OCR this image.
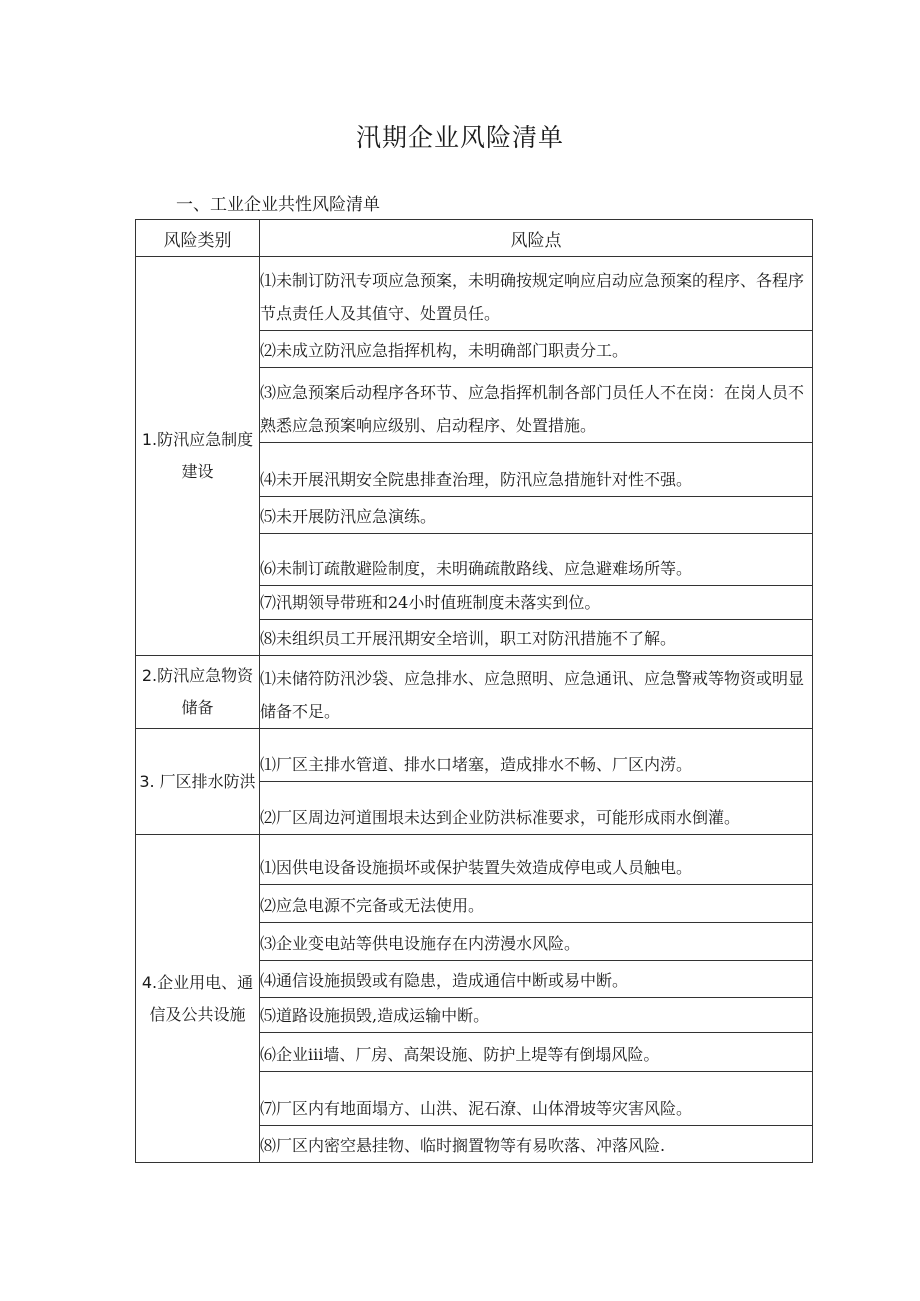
汛期企业风险清单
一、工业企业共性风险清单
风险类别	风险点
1.防汛应急制度建设	⑴未制订防汛专项应急预案，未明确按规定响应启动应急预案的程序、各程序节点责任人及其值守、处置员任。

	⑵未成立防汛应急指挥机构，未明确部门职责分工。

	⑶应急预案后动程序各环节、应急指挥机制各部门员任人不在岗：在岗人员不熟悉应急预案响应级别、启动程序、处置措施。

	⑷未开展汛期安全院患排查治理，防汛应急措施针对性不强。

	⑸未开展防汛应急演练。

	⑹未制订疏散避险制度，未明确疏散路线、应急避难场所等。

	⑺汛期领导带班和24小时值班制度未落实到位。

	⑻未组织员工开展汛期安全培训，职工对防汛措施不了解。

2.防汛应急物资储备	⑴未储符防汛沙袋、应急排水、应急照明、应急通讯、应急警戒等物资或明显储备不足。

3. 厂区排水防洪	⑴厂区主排水管道、排水口堵塞，造成排水不畅、厂区内涝。

	⑵厂区周边河道围垠未达到企业防洪标准要求，可能形成雨水倒灌。

4.企业用电、通信及公共设施	⑴因供电设备设施损坏或保护装置失效造成停电或人员触电。

	⑵应急电源不完备或无法使用。

	⑶企业变电站等供电设施存在内涝漫水风险。

	⑷通信设施损毁或有隐患，造成通信中断或易中断。

	⑸道路设施损毁,造成运输中断。

	⑹企业iii墙、厂房、高架设施、防护上堤等有倒塌风险。

	⑺厂区内有地面塌方、山洪、泥石潦、山体滑坡等灾害风险。

	⑻厂区内密空悬挂物、临时搁置物等有易吹落、冲落风险.
